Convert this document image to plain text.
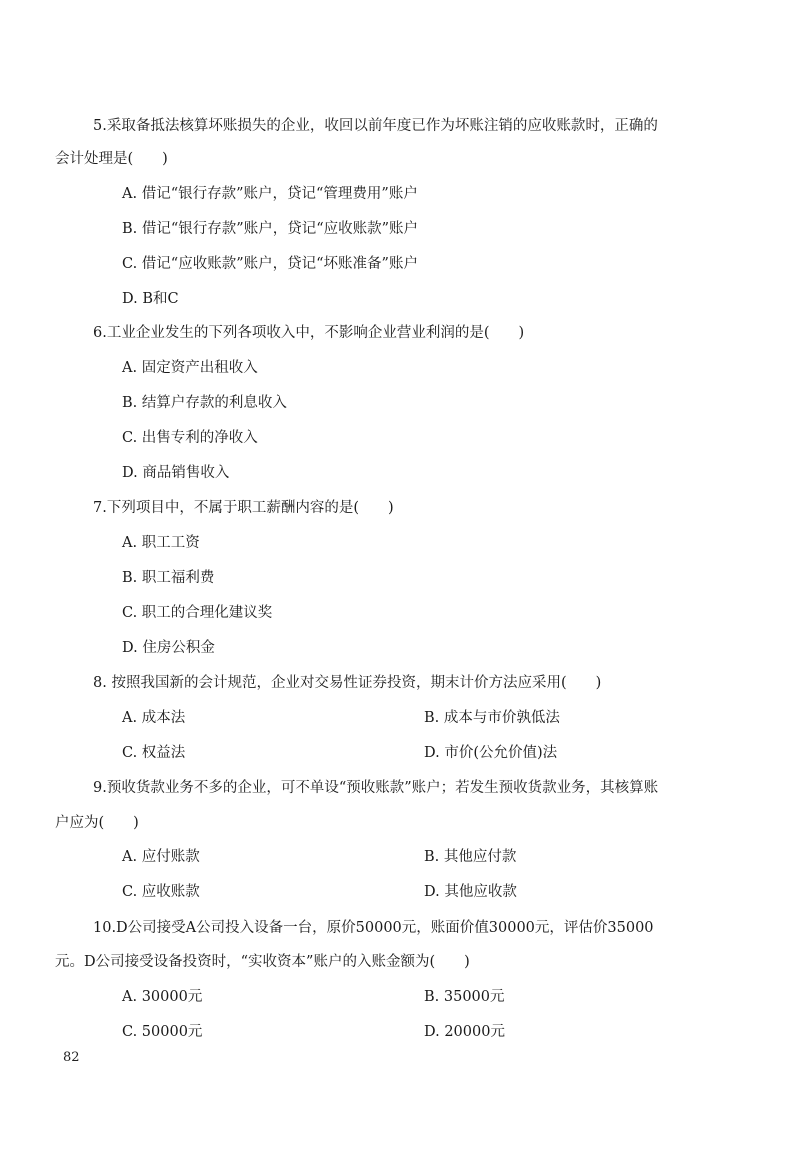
5.采取备抵法核算坏账损失的企业，收回以前年度已作为坏账注销的应收账款时，正确的
会计处理是(　　)
A. 借记“银行存款”账户，贷记“管理费用”账户
B. 借记“银行存款”账户，贷记“应收账款”账户
C. 借记“应收账款”账户，贷记“坏账准备”账户
D. B和C
6.工业企业发生的下列各项收入中，不影响企业营业利润的是(　　)
A. 固定资产出租收入
B. 结算户存款的利息收入
C. 出售专利的净收入
D. 商品销售收入
7.下列项目中，不属于职工薪酬内容的是(　　)
A. 职工工资
B. 职工福利费
C. 职工的合理化建议奖
D. 住房公积金
8. 按照我国新的会计规范，企业对交易性证券投资，期末计价方法应采用(　　)
A. 成本法	B. 成本与市价孰低法
C. 权益法	D. 市价(公允价值)法
9.预收货款业务不多的企业，可不单设“预收账款”账户；若发生预收货款业务，其核算账
户应为(　　)
A. 应付账款	B. 其他应付款
C. 应收账款	D. 其他应收款
10.D公司接受A公司投入设备一台，原价50000元，账面价值30000元，评估价35000
元。D公司接受设备投资时，“实收资本”账户的入账金额为(　　)
A. 30000元	B. 35000元
C. 50000元	D. 20000元
82
